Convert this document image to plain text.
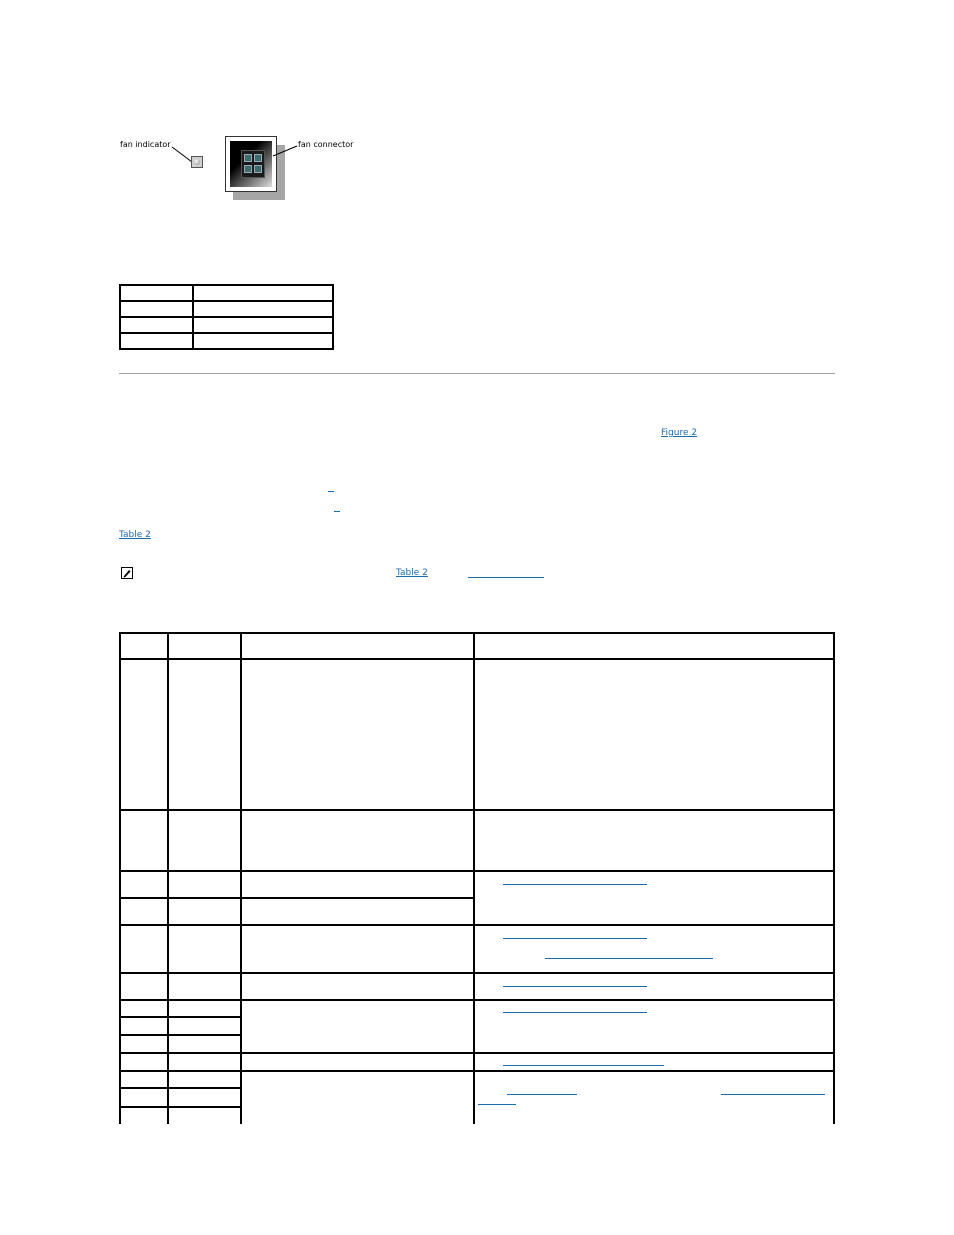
fan indicator	fan connector

Figure 2
Table 2
Table 2
